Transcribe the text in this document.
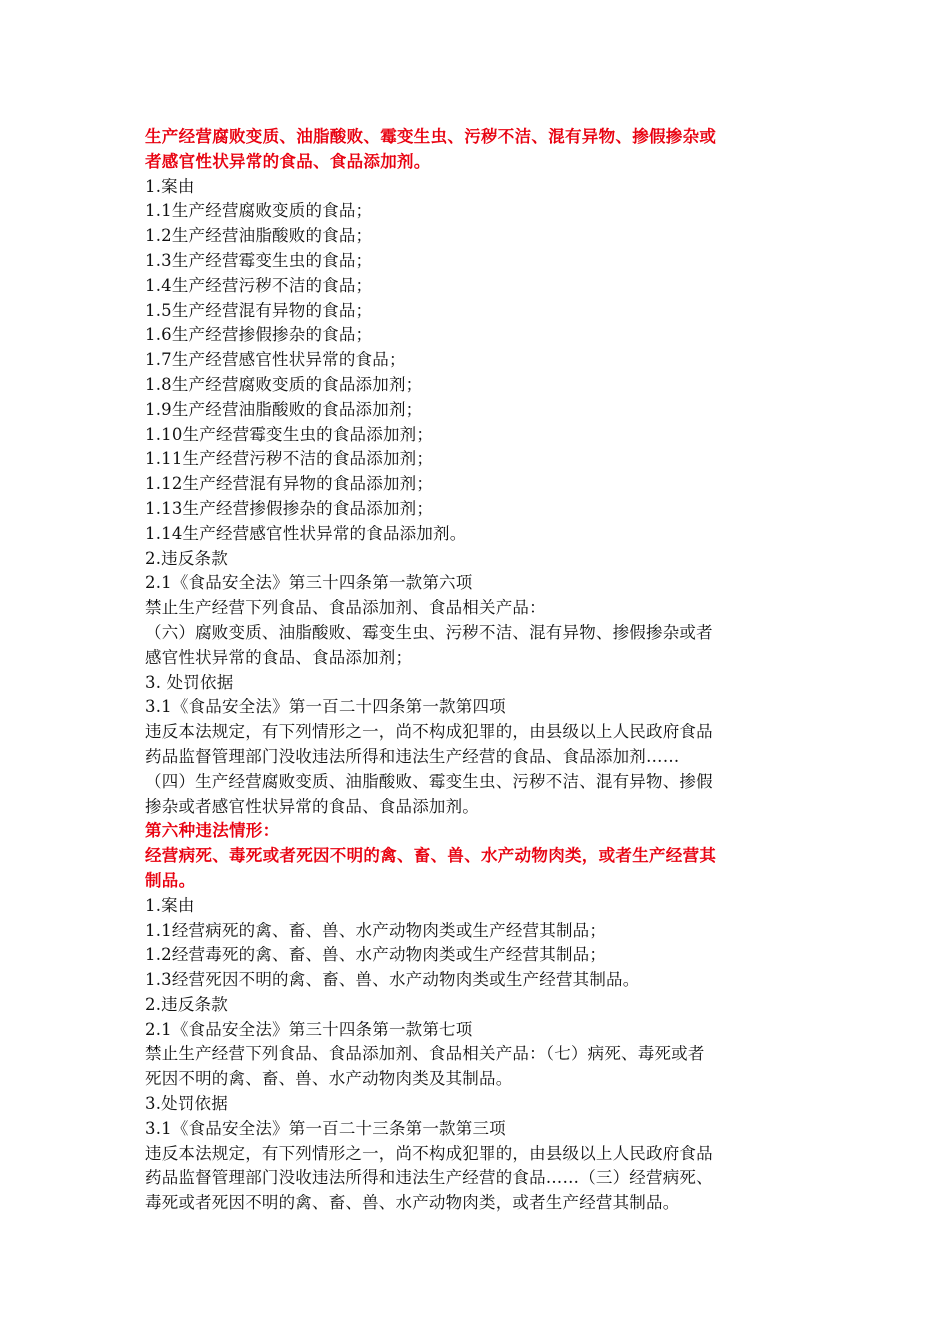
生产经营腐败变质、油脂酸败、霉变生虫、污秽不洁、混有异物、掺假掺杂或
者感官性状异常的食品、食品添加剂。
1.案由
1.1生产经营腐败变质的食品；
1.2生产经营油脂酸败的食品；
1.3生产经营霉变生虫的食品；
1.4生产经营污秽不洁的食品；
1.5生产经营混有异物的食品；
1.6生产经营掺假掺杂的食品；
1.7生产经营感官性状异常的食品；
1.8生产经营腐败变质的食品添加剂；
1.9生产经营油脂酸败的食品添加剂；
1.10生产经营霉变生虫的食品添加剂；
1.11生产经营污秽不洁的食品添加剂；
1.12生产经营混有异物的食品添加剂；
1.13生产经营掺假掺杂的食品添加剂；
1.14生产经营感官性状异常的食品添加剂。
2.违反条款
2.1《食品安全法》第三十四条第一款第六项
禁止生产经营下列食品、食品添加剂、食品相关产品：
（六）腐败变质、油脂酸败、霉变生虫、污秽不洁、混有异物、掺假掺杂或者
感官性状异常的食品、食品添加剂；
3. 处罚依据
3.1《食品安全法》第一百二十四条第一款第四项
违反本法规定，有下列情形之一，尚不构成犯罪的，由县级以上人民政府食品
药品监督管理部门没收违法所得和违法生产经营的食品、食品添加剂……
（四）生产经营腐败变质、油脂酸败、霉变生虫、污秽不洁、混有异物、掺假
掺杂或者感官性状异常的食品、食品添加剂。
第六种违法情形：
经营病死、毒死或者死因不明的禽、畜、兽、水产动物肉类，或者生产经营其
制品。
1.案由
1.1经营病死的禽、畜、兽、水产动物肉类或生产经营其制品；
1.2经营毒死的禽、畜、兽、水产动物肉类或生产经营其制品；
1.3经营死因不明的禽、畜、兽、水产动物肉类或生产经营其制品。
2.违反条款
2.1《食品安全法》第三十四条第一款第七项
禁止生产经营下列食品、食品添加剂、食品相关产品：（七）病死、毒死或者
死因不明的禽、畜、兽、水产动物肉类及其制品。
3.处罚依据
3.1《食品安全法》第一百二十三条第一款第三项
违反本法规定，有下列情形之一，尚不构成犯罪的，由县级以上人民政府食品
药品监督管理部门没收违法所得和违法生产经营的食品……（三）经营病死、
毒死或者死因不明的禽、畜、兽、水产动物肉类，或者生产经营其制品。
